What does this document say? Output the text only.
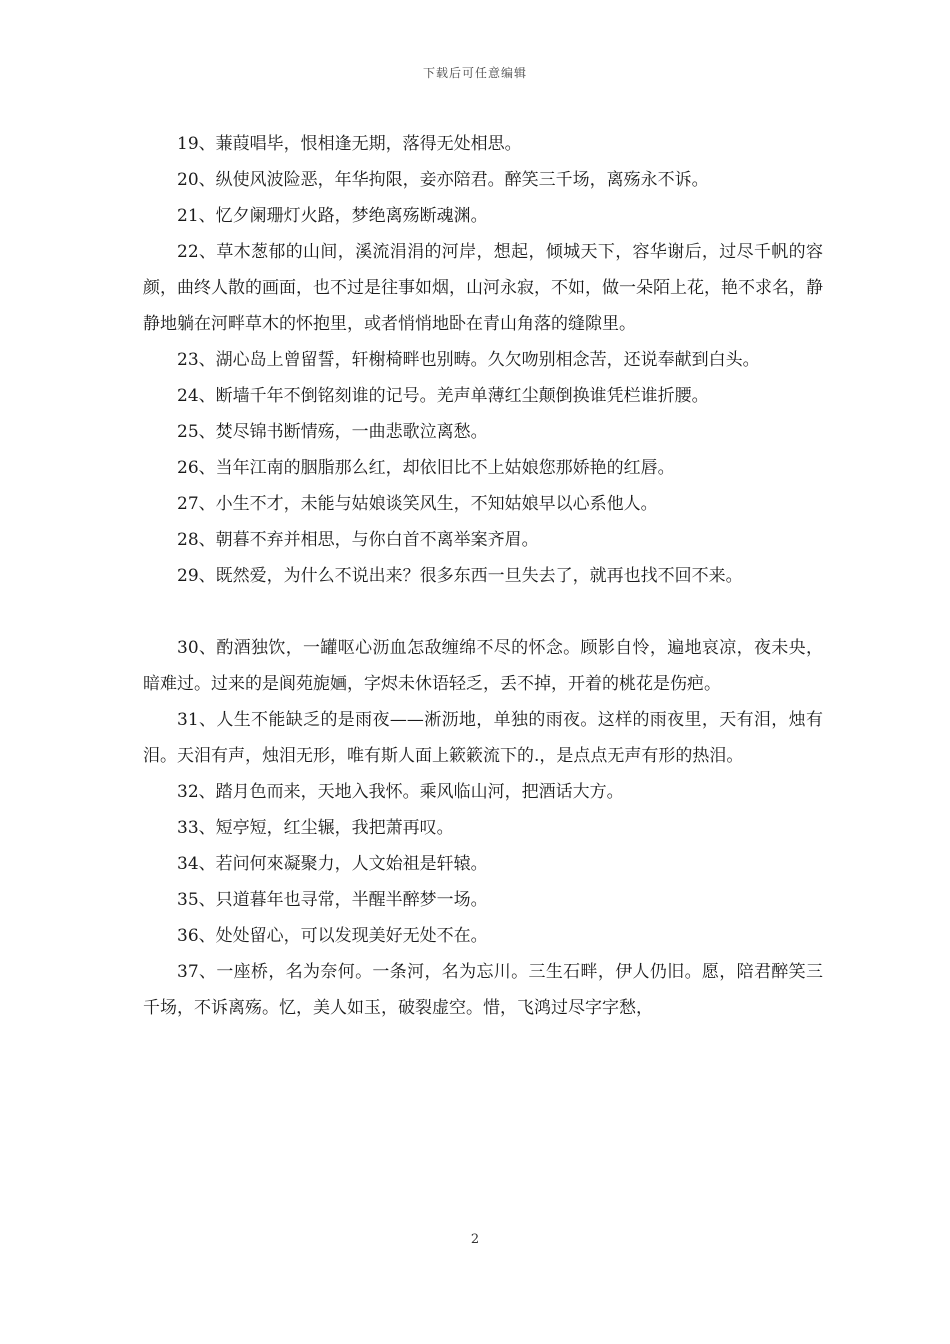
下载后可任意编辑

19、蒹葭唱毕，恨相逢无期，落得无处相思。

20、纵使风波险恶，年华拘限，妾亦陪君。醉笑三千场，离殇永不诉。

21、忆夕阑珊灯火路，梦绝离殇断魂渊。

22、草木葱郁的山间，溪流涓涓的河岸，想起，倾城天下，容华谢后，过尽千帆的容颜，曲终人散的画面，也不过是往事如烟，山河永寂，不如，做一朵陌上花，艳不求名，静静地躺在河畔草木的怀抱里，或者悄悄地卧在青山角落的缝隙里。

23、湖心岛上曾留誓，轩榭椅畔也别畴。久欠吻别相念苦，还说奉献到白头。

24、断墙千年不倒铭刻谁的记号。羌声单薄红尘颠倒换谁凭栏谁折腰。

25、焚尽锦书断情殇，一曲悲歌泣离愁。

26、当年江南的胭脂那么红，却依旧比不上姑娘您那娇艳的红唇。

27、小生不才，未能与姑娘谈笑风生，不知姑娘早以心系他人。

28、朝暮不弃并相思，与你白首不离举案齐眉。

29、既然爱，为什么不说出来？很多东西一旦失去了，就再也找不回不来。

30、酌酒独饮，一罐呕心沥血怎敌缠绵不尽的怀念。顾影自怜，遍地哀凉，夜未央，暗难过。过来的是阆苑旎婳，字烬未休语轻乏，丢不掉，开着的桃花是伤疤。

31、人生不能缺乏的是雨夜——淅沥地，单独的雨夜。这样的雨夜里，天有泪，烛有泪。天泪有声，烛泪无形，唯有斯人面上簌簌流下的.，是点点无声有形的热泪。

32、踏月色而来，天地入我怀。乘风临山河，把酒话大方。

33、短亭短，红尘辗，我把萧再叹。

34、若问何來凝聚力，人文始祖是轩辕。

35、只道暮年也寻常，半醒半醉梦一场。

36、处处留心，可以发现美好无处不在。

37、一座桥，名为奈何。一条河，名为忘川。三生石畔，伊人仍旧。愿，陪君醉笑三千场，不诉离殇。忆，美人如玉，破裂虚空。惜，飞鸿过尽字字愁，

2
